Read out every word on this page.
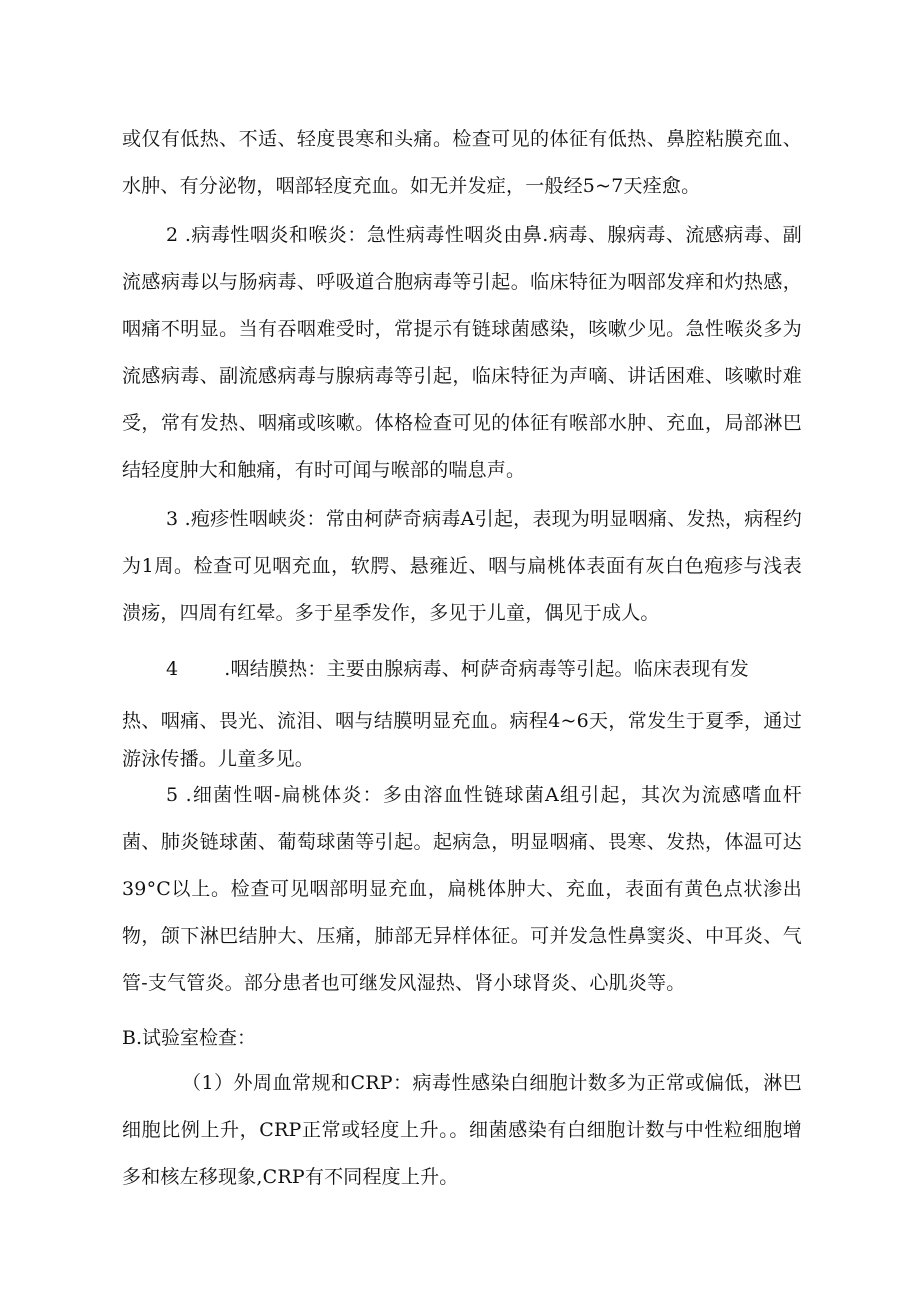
或仅有低热、不适、轻度畏寒和头痛。检查可见的体征有低热、鼻腔粘膜充血、水肿、有分泌物，咽部轻度充血。如无并发症，一般经5~7天痊愈。

2 .病毒性咽炎和喉炎：急性病毒性咽炎由鼻.病毒、腺病毒、流感病毒、副流感病毒以与肠病毒、呼吸道合胞病毒等引起。临床特征为咽部发痒和灼热感，咽痛不明显。当有吞咽难受时，常提示有链球菌感染，咳嗽少见。急性喉炎多为流感病毒、副流感病毒与腺病毒等引起，临床特征为声嘀、讲话困难、咳嗽时难受，常有发热、咽痛或咳嗽。体格检查可见的体征有喉部水肿、充血，局部淋巴结轻度肿大和触痛，有时可闻与喉部的喘息声。

3 .疱疹性咽峡炎：常由柯萨奇病毒A引起，表现为明显咽痛、发热，病程约为1周。检查可见咽充血，软腭、悬雍近、咽与扁桃体表面有灰白色疱疹与浅表溃疡，四周有红晕。多于星季发作，多见于儿童，偶见于成人。

4 .咽结膜热：主要由腺病毒、柯萨奇病毒等引起。临床表现有发
热、咽痛、畏光、流泪、咽与结膜明显充血。病程4~6天，常发生于夏季，通过游泳传播。儿童多见。

5 .细菌性咽-扁桃体炎：多由溶血性链球菌A组引起，其次为流感嗜血杆菌、肺炎链球菌、葡萄球菌等引起。起病急，明显咽痛、畏寒、发热，体温可达39°C以上。检查可见咽部明显充血，扁桃体肿大、充血，表面有黄色点状渗出物，颌下淋巴结肿大、压痛，肺部无异样体征。可并发急性鼻窦炎、中耳炎、气管-支气管炎。部分患者也可继发风湿热、肾小球肾炎、心肌炎等。

B.试验室检查：

（1）外周血常规和CRP：病毒性感染白细胞计数多为正常或偏低，淋巴细胞比例上升，CRP正常或轻度上升。。细菌感染有白细胞计数与中性粒细胞增多和核左移现象,CRP有不同程度上升。
